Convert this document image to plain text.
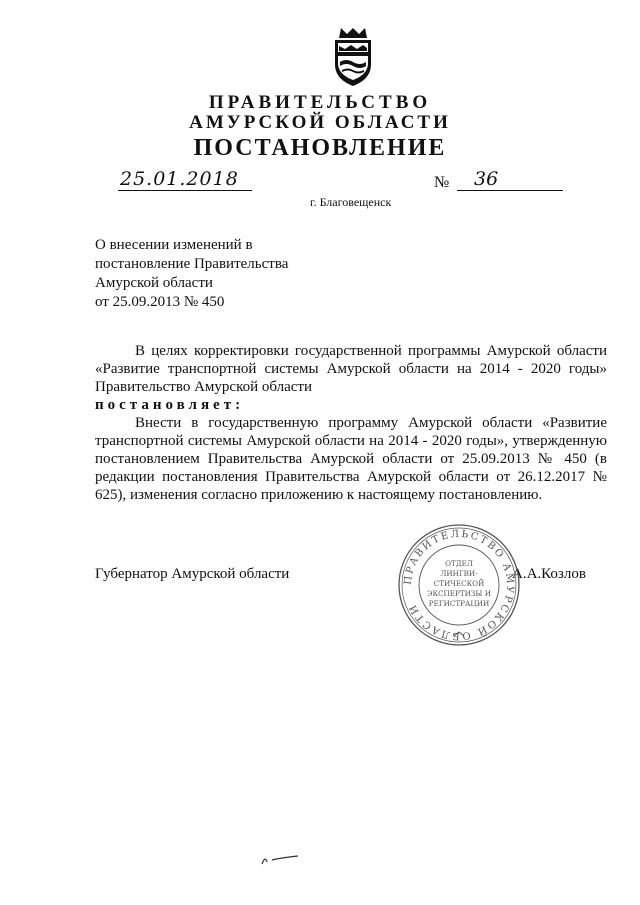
ПРАВИТЕЛЬСТВО
АМУРСКОЙ ОБЛАСТИ
ПОСТАНОВЛЕНИЕ
25.01.2018	№ 36
г. Благовещенск
О внесении изменений в
постановление Правительства
Амурской области
от 25.09.2013 № 450

В целях корректировки государственной программы Амурской области «Развитие транспортной системы Амурской области на 2014 - 2020 годы» Правительство Амурской области

постановляет:

Внести в государственную программу Амурской области «Развитие транспортной системы Амурской области на 2014 - 2020 годы», утвержденную постановлением Правительства Амурской области от 25.09.2013 № 450 (в редакции постановления Правительства Амурской области от 26.12.2017 № 625), изменения согласно приложению к настоящему постановлению.

Губернатор Амурской области	А.А.Козлов
ПРАВИТЕЛЬСТВО АМУРСКОЙ ОБЛАСТИ
ОТДЕЛ
ЛИНГВИ-
СТИЧЕСКОЙ
ЭКСПЕРТИЗЫ И
РЕГИСТРАЦИИ
